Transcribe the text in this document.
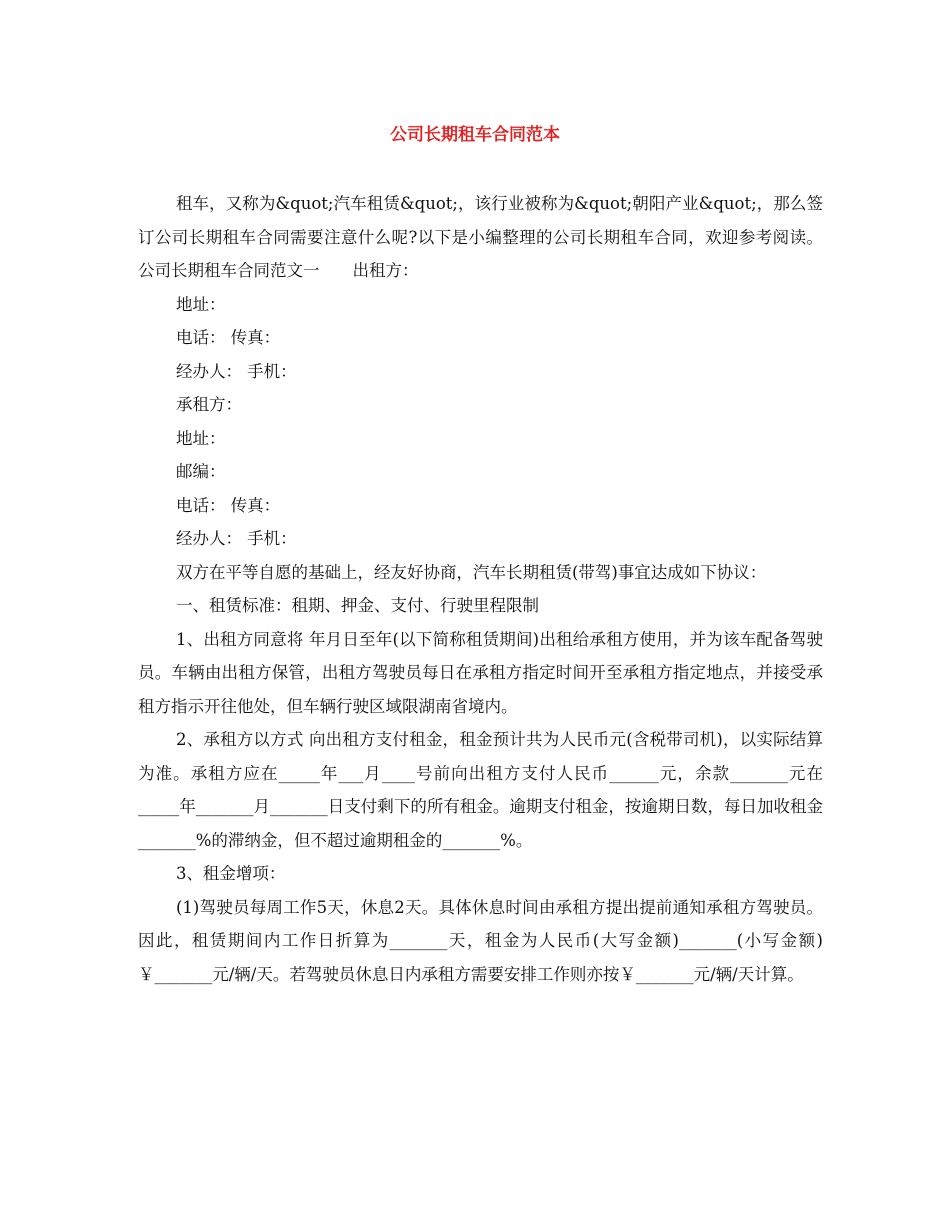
公司长期租车合同范本

租车，又称为&quot;汽车租赁&quot;，该行业被称为&quot;朝阳产业&quot;，那么签订公司长期租车合同需要注意什么呢?以下是小编整理的公司长期租车合同，欢迎参考阅读。 公司长期租车合同范文一　　出租方：

地址：

电话： 传真：

经办人： 手机：

承租方：

地址：

邮编：

电话： 传真：

经办人： 手机：

双方在平等自愿的基础上，经友好协商，汽车长期租赁(带驾)事宜达成如下协议：

一、租赁标准：租期、押金、支付、行驶里程限制

1、出租方同意将 年月日至年(以下简称租赁期间)出租给承租方使用，并为该车配备驾驶员。车辆由出租方保管，出租方驾驶员每日在承租方指定时间开至承租方指定地点，并接受承租方指示开往他处，但车辆行驶区域限湖南省境内。

2、承租方以方式 向出租方支付租金，租金预计共为人民币元(含税带司机)，以实际结算为准。承租方应在_____年___月____号前向出租方支付人民币______元，余款_______元在_____年_______月_______日支付剩下的所有租金。逾期支付租金，按逾期日数，每日加收租金_______%的滞纳金，但不超过逾期租金的_______%。

3、租金增项：

(1)驾驶员每周工作5天，休息2天。具体休息时间由承租方提出提前通知承租方驾驶员。因此，租赁期间内工作日折算为_______天，租金为人民币(大写金额)_______(小写金额)￥_______元/辆/天。若驾驶员休息日内承租方需要安排工作则亦按￥_______元/辆/天计算。
